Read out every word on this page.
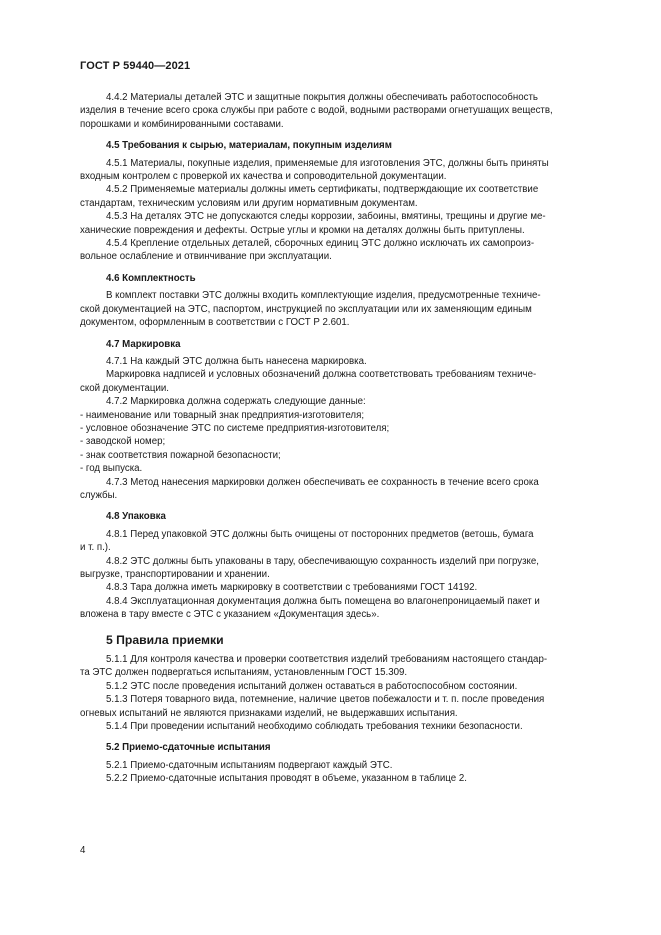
ГОСТ Р 59440—2021

4.4.2 Материалы деталей ЭТС и защитные покрытия должны обеспечивать работоспособность

изделия в течение всего срока службы при работе с водой, водными растворами огнетушащих веществ,

порошками и комбинированными составами.

4.5 Требования к сырью, материалам, покупным изделиям

4.5.1 Материалы, покупные изделия, применяемые для изготовления ЭТС, должны быть приняты

входным контролем с проверкой их качества и сопроводительной документации.

4.5.2 Применяемые материалы должны иметь сертификаты, подтверждающие их соответствие

стандартам, техническим условиям или другим нормативным документам.

4.5.3 На деталях ЭТС не допускаются следы коррозии, забоины, вмятины, трещины и другие ме-

ханические повреждения и дефекты. Острые углы и кромки на деталях должны быть притуплены.

4.5.4 Крепление отдельных деталей, сборочных единиц ЭТС должно исключать их самопроиз-

вольное ослабление и отвинчивание при эксплуатации.

4.6 Комплектность

В комплект поставки ЭТС должны входить комплектующие изделия, предусмотренные техниче-

ской документацией на ЭТС, паспортом, инструкцией по эксплуатации или их заменяющим единым

документом, оформленным в соответствии с ГОСТ Р 2.601.

4.7 Маркировка

4.7.1 На каждый ЭТС должна быть нанесена маркировка.

Маркировка надписей и условных обозначений должна соответствовать требованиям техниче-

ской документации.

4.7.2 Маркировка должна содержать следующие данные:

- наименование или товарный знак предприятия-изготовителя;

- условное обозначение ЭТС по системе предприятия-изготовителя;

- заводской номер;

- знак соответствия пожарной безопасности;

- год выпуска.

4.7.3 Метод нанесения маркировки должен обеспечивать ее сохранность в течение всего срока

службы.

4.8 Упаковка

4.8.1 Перед упаковкой ЭТС должны быть очищены от посторонних предметов (ветошь, бумага

и т. п.).

4.8.2 ЭТС должны быть упакованы в тару, обеспечивающую сохранность изделий при погрузке,

выгрузке, транспортировании и хранении.

4.8.3 Тара должна иметь маркировку в соответствии с требованиями ГОСТ 14192.

4.8.4 Эксплуатационная документация должна быть помещена во влагонепроницаемый пакет и

вложена в тару вместе с ЭТС с указанием «Документация здесь».

5 Правила приемки

5.1.1 Для контроля качества и проверки соответствия изделий требованиям настоящего стандар-

та ЭТС должен подвергаться испытаниям, установленным ГОСТ 15.309.

5.1.2 ЭТС после проведения испытаний должен оставаться в работоспособном состоянии.

5.1.3 Потеря товарного вида, потемнение, наличие цветов побежалости и т. п. после проведения

огневых испытаний не являются признаками изделий, не выдержавших испытания.

5.1.4 При проведении испытаний необходимо соблюдать требования техники безопасности.

5.2 Приемо-сдаточные испытания

5.2.1 Приемо-сдаточным испытаниям подвергают каждый ЭТС.

5.2.2 Приемо-сдаточные испытания проводят в объеме, указанном в таблице 2.

4
